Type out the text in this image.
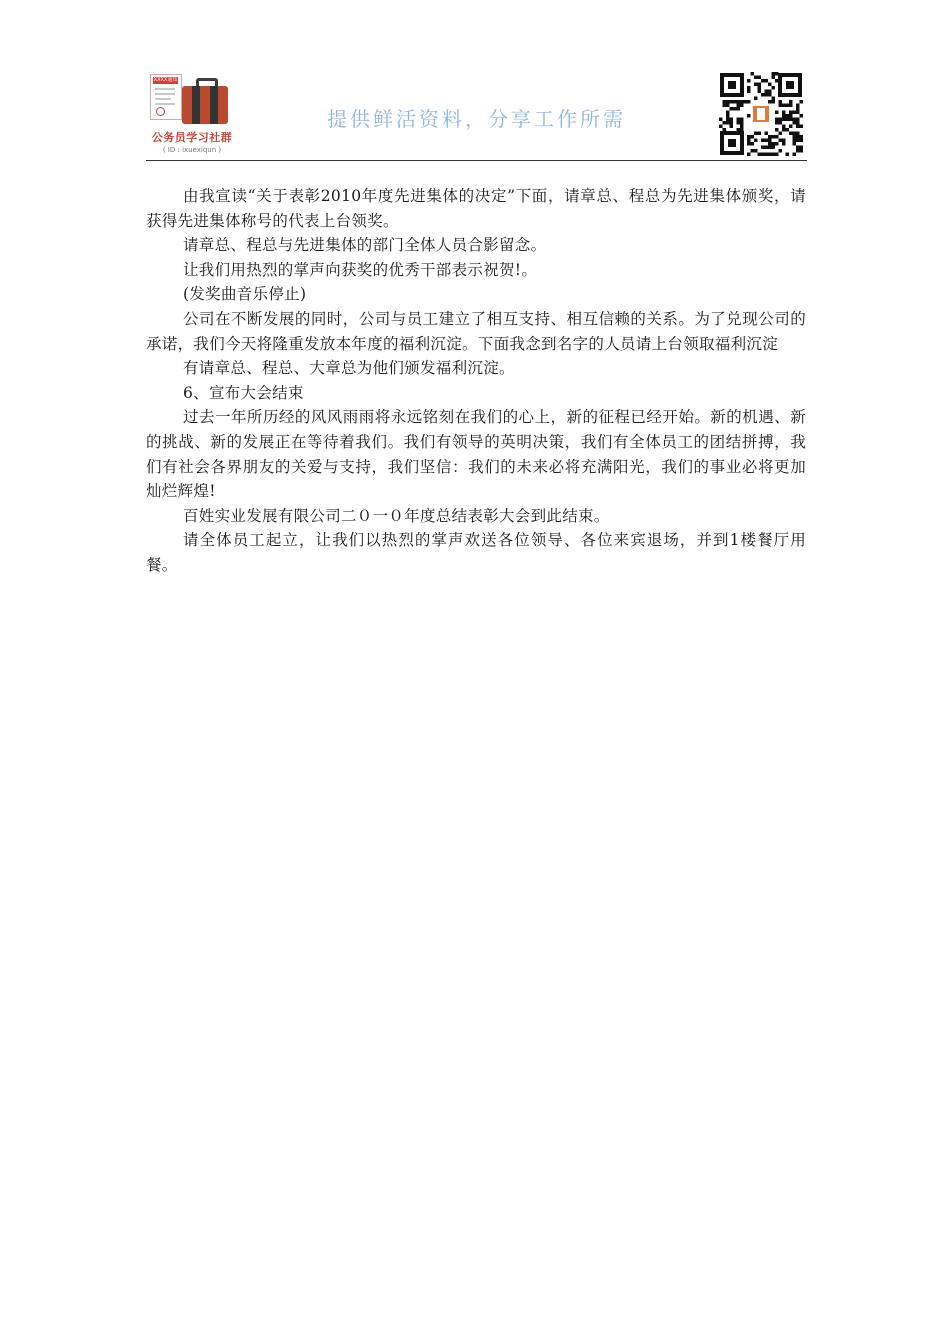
XXXX通知
公务员学习社群
( ID : ixuexiqun )
提供鲜活资料，分享工作所需

由我宣读“关于表彰2010年度先进集体的决定”下面，请章总、程总为先进集体颁奖，请获得先进集体称号的代表上台领奖。

请章总、程总与先进集体的部门全体人员合影留念。

让我们用热烈的掌声向获奖的优秀干部表示祝贺!。

(发奖曲音乐停止)

公司在不断发展的同时，公司与员工建立了相互支持、相互信赖的关系。为了兑现公司的承诺，我们今天将隆重发放本年度的福利沉淀。下面我念到名字的人员请上台领取福利沉淀

有请章总、程总、大章总为他们颁发福利沉淀。

6、宣布大会结束

过去一年所历经的风风雨雨将永远铭刻在我们的心上，新的征程已经开始。新的机遇、新的挑战、新的发展正在等待着我们。我们有领导的英明决策，我们有全体员工的团结拼搏，我们有社会各界朋友的关爱与支持，我们坚信：我们的未来必将充满阳光，我们的事业必将更加灿烂辉煌!

百姓实业发展有限公司二０一０年度总结表彰大会到此结束。

请全体员工起立，让我们以热烈的掌声欢送各位领导、各位来宾退场，并到1楼餐厅用餐。
